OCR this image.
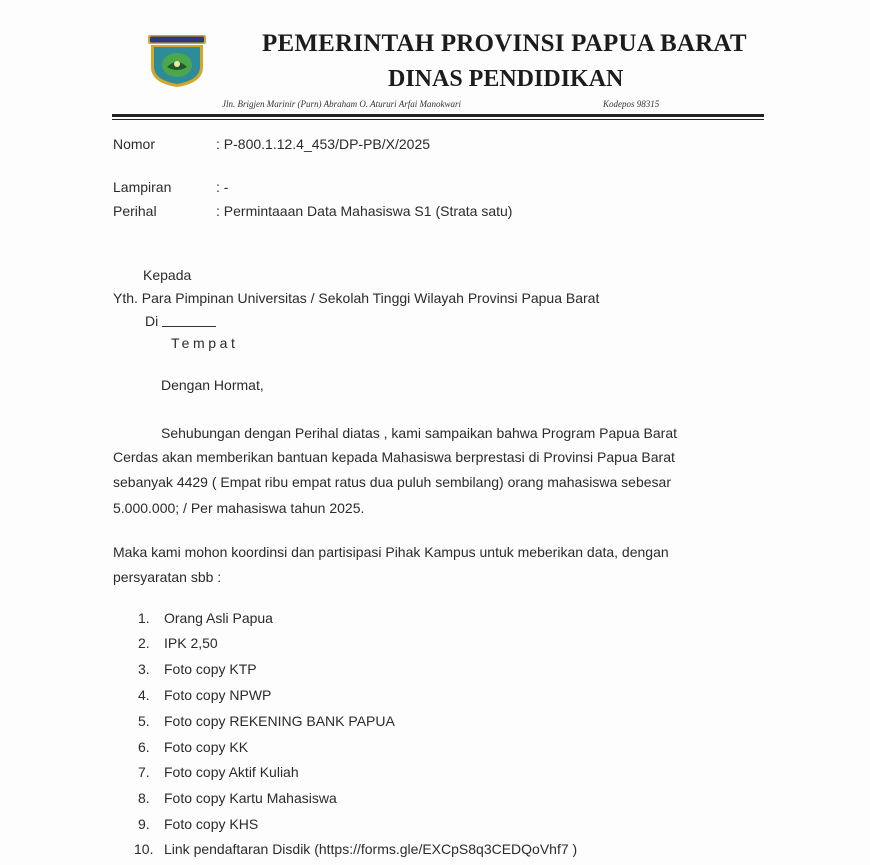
PEMERINTAH PROVINSI PAPUA BARAT
DINAS PENDIDIKAN
Jln. Brigjen Marinir (Purn) Abraham O. Atururi Arfai Manokwari	Kodepos 98315
Nomor	: P-800.1.12.4_453/DP-PB/X/2025
Lampiran	: -
Perihal	: Permintaaan Data Mahasiswa S1 (Strata satu)
Kepada
Yth. Para Pimpinan Universitas / Sekolah Tinggi Wilayah Provinsi Papua Barat
Di
Tempat
Dengan Hormat,
Sehubungan dengan Perihal diatas , kami sampaikan bahwa Program Papua Barat
Cerdas akan memberikan bantuan kepada Mahasiswa berprestasi di Provinsi Papua Barat
sebanyak 4429 ( Empat ribu empat ratus dua puluh sembilang) orang mahasiswa sebesar
5.000.000; / Per mahasiswa tahun 2025.
Maka kami mohon koordinsi dan partisipasi Pihak Kampus untuk meberikan data, dengan
persyaratan sbb :
1. Orang Asli Papua
2. IPK 2,50
3. Foto copy KTP
4. Foto copy NPWP
5. Foto copy REKENING BANK PAPUA
6. Foto copy KK
7. Foto copy Aktif Kuliah
8. Foto copy Kartu Mahasiswa
9. Foto copy KHS
10. Link pendaftaran Disdik (https://forms.gle/EXCpS8q3CEDQoVhf7 )
